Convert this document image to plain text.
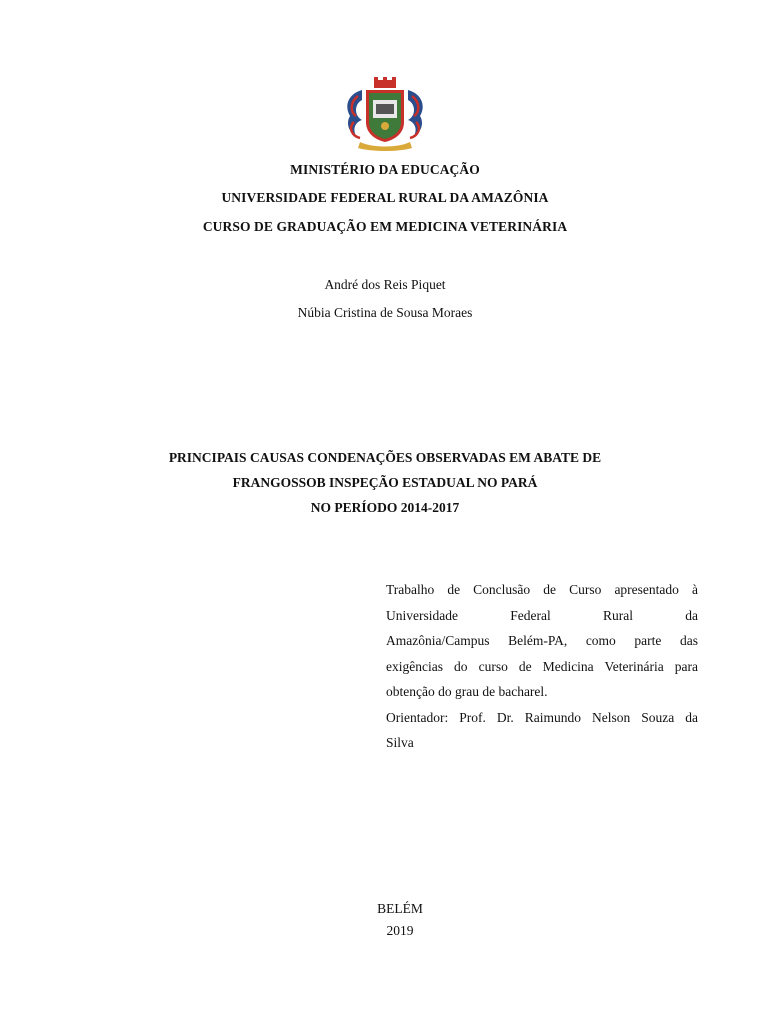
MINISTÉRIO DA EDUCAÇÃO
UNIVERSIDADE FEDERAL RURAL DA AMAZÔNIA
CURSO DE GRADUAÇÃO EM MEDICINA VETERINÁRIA
André dos Reis Piquet
Núbia Cristina de Sousa Moraes
PRINCIPAIS CAUSAS CONDENAÇÕES OBSERVADAS EM ABATE DE
FRANGOSSOB INSPEÇÃO ESTADUAL NO PARÁ
NO PERÍODO 2014-2017
Trabalho de Conclusão de Curso apresentado à
Universidade Federal Rural da
Amazônia/Campus Belém-PA, como parte das
exigências do curso de Medicina Veterinária para
obtenção do grau de bacharel.
Orientador: Prof. Dr. Raimundo Nelson Souza da
Silva
BELÉM
2019
